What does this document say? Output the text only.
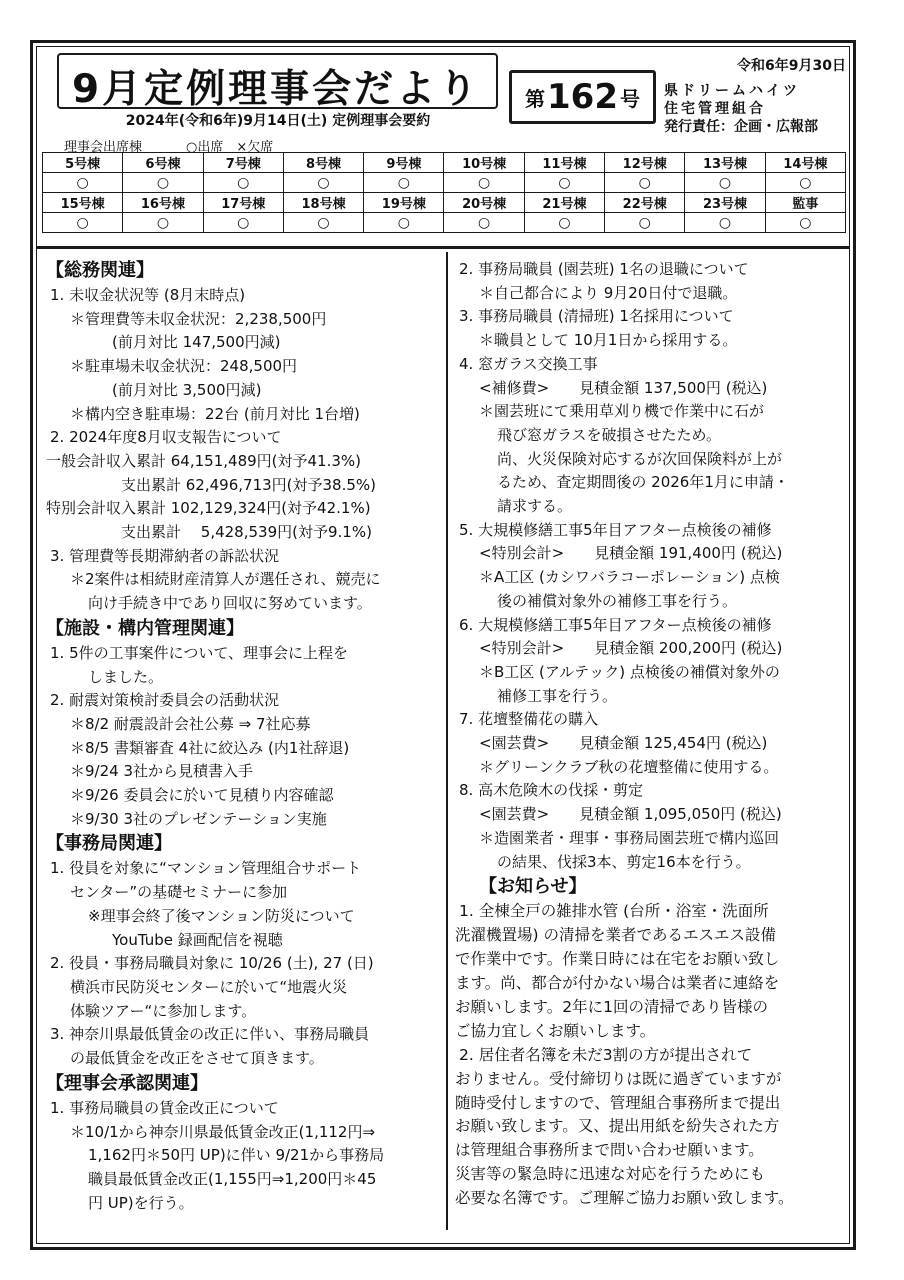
9月定例理事会だより
2024年(令和6年)9月14日(土) 定例理事会要約
第 162 号
令和6年9月30日
県ドリームハイツ
住宅管理組合
発行責任：企画・広報部
理事会出席棟	○出席　×欠席
5号棟	6号棟	7号棟	8号棟	9号棟	10号棟	11号棟	12号棟	13号棟	14号棟
○	○	○	○	○	○	○	○	○	○
15号棟	16号棟	17号棟	18号棟	19号棟	20号棟	21号棟	22号棟	23号棟	監事
○	○	○	○	○	○	○	○	○	○
【総務関連】
1. 未収金状況等 (8月末時点)
＊管理費等未収金状況：2,238,500円
(前月対比 147,500円減)
＊駐車場未収金状況：248,500円
(前月対比 3,500円減)
＊構内空き駐車場：22台 (前月対比 1台増)
2. 2024年度8月収支報告について
一般会計収入累計 64,151,489円(対予41.3%)
　　　　　支出累計 62,496,713円(対予38.5%)
特別会計収入累計 102,129,324円(対予42.1%)
　　　　　支出累計　 5,428,539円(対予9.1%)
3. 管理費等長期滞納者の訴訟状況
＊2案件は相続財産清算人が選任され、競売に
向け手続き中であり回収に努めています。
【施設・構内管理関連】
1. 5件の工事案件について、理事会に上程を
しました。
2. 耐震対策検討委員会の活動状況
＊8/2 耐震設計会社公募 ⇒ 7社応募
＊8/5 書類審査 4社に絞込み (内1社辞退)
＊9/24 3社から見積書入手
＊9/26 委員会に於いて見積り内容確認
＊9/30 3社のプレゼンテーション実施
【事務局関連】
1. 役員を対象に“マンション管理組合サポート
センター”の基礎セミナーに参加
※理事会終了後マンション防災について
YouTube 録画配信を視聴
2. 役員・事務局職員対象に 10/26 (土), 27 (日)
横浜市民防災センターに於いて“地震火災
体験ツアー“に参加します。
3. 神奈川県最低賃金の改正に伴い、事務局職員
の最低賃金を改正をさせて頂きます。
【理事会承認関連】
1. 事務局職員の賃金改正について
＊10/1から神奈川県最低賃金改正(1,112円⇒
1,162円＊50円 UP)に伴い 9/21から事務局
職員最低賃金改正(1,155円⇒1,200円＊45
円 UP)を行う。
2. 事務局職員 (園芸班) 1名の退職について
＊自己都合により 9月20日付で退職。
3. 事務局職員 (清掃班) 1名採用について
＊職員として 10月1日から採用する。
4. 窓ガラス交換工事
<補修費>　　見積金額 137,500円 (税込)
＊園芸班にて乗用草刈り機で作業中に石が
飛び窓ガラスを破損させたため。
尚、火災保険対応するが次回保険料が上が
るため、査定期間後の 2026年1月に申請・
請求する。
5. 大規模修繕工事5年目アフター点検後の補修
<特別会計>　　見積金額 191,400円 (税込)
＊A工区 (カシワバラコーポレーション) 点検
後の補償対象外の補修工事を行う。
6. 大規模修繕工事5年目アフター点検後の補修
<特別会計>　　見積金額 200,200円 (税込)
＊B工区 (アルテック) 点検後の補償対象外の
補修工事を行う。
7. 花壇整備花の購入
<園芸費>　　見積金額 125,454円 (税込)
＊グリーンクラブ秋の花壇整備に使用する。
8. 高木危険木の伐採・剪定
<園芸費>　　見積金額 1,095,050円 (税込)
＊造園業者・理事・事務局園芸班で構内巡回
の結果、伐採3本、剪定16本を行う。
【お知らせ】
1. 全棟全戸の雑排水管 (台所・浴室・洗面所
洗濯機置場) の清掃を業者であるエスエス設備
で作業中です。作業日時には在宅をお願い致し
ます。尚、都合が付かない場合は業者に連絡を
お願いします。2年に1回の清掃であり皆様の
ご協力宜しくお願いします。
2. 居住者名簿を未だ3割の方が提出されて
おりません。受付締切りは既に過ぎていますが
随時受付しますので、管理組合事務所まで提出
お願い致します。又、提出用紙を紛失された方
は管理組合事務所まで問い合わせ願います。
災害等の緊急時に迅速な対応を行うためにも
必要な名簿です。ご理解ご協力お願い致します。
